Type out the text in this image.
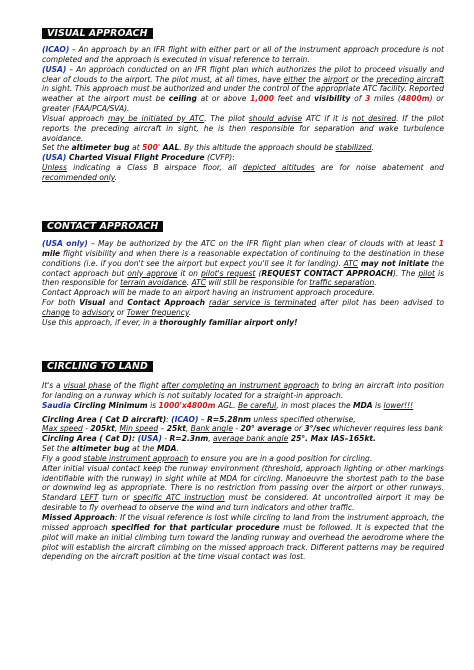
VISUAL APPROACH

(ICAO) – An approach by an IFR flight with either part or all of the instrument approach procedure is not completed and the approach is executed in visual reference to terrain.

(USA) – An approach conducted on an IFR flight plan which authorizes the pilot to proceed visually and clear of clouds to the airport. The pilot must, at all times, have either the airport or the preceding aircraft in sight. This approach must be authorized and under the control of the appropriate ATC facility. Reported weather at the airport must be ceiling at or above 1,000 feet and visibility of 3 miles (4800m) or greater (FAA/PCA/SVA).

Visual approach may be initiated by ATC. The pilot should advise ATC if it is not desired. If the pilot reports the preceding aircraft in sight, he is then responsible for separation and wake turbulence avoidance.

Set the altimeter bug at 500' AAL. By this altitude the approach should be stabilized.

(USA) Charted Visual Flight Procedure (CVFP):

Unless indicating a Class B airspace floor, all depicted altitudes are for noise abatement and recommended only.

CONTACT APPROACH

(USA only) – May be authorized by the ATC on the IFR flight plan when clear of clouds with at least 1 mile flight visibility and when there is a reasonable expectation of continuing to the destination in these conditions (i.e. if you don't see the airport but expect you'll see it for landing). ATC may not initiate the contact approach but only approve it on pilot's request (REQUEST CONTACT APPROACH). The pilot is then responsible for terrain avoidance. ATC will still be responsible for traffic separation.

Contact Approach will be made to an airport having an instrument approach procedure.

For both Visual and Contact Approach radar service is terminated after pilot has been advised to change to advisory or Tower frequency.

Use this approach, if ever, in a thoroughly familiar airport only!

CIRCLING TO LAND

It's a visual phase of the flight after completing an instrument approach to bring an aircraft into position for landing on a runway which is not suitably located for a straight-in approach.

Saudia Circling Minimum is 1000'x4800m AGL. Be careful, in most places the MDA is lower!!!

Circling Area ( Cat D aircraft): (ICAO) – R=5.28nm unless specified otherwise,
Max speed - 205kt, Min speed – 25kt, Bank angle - 20° average or 3°/sec whichever requires less bank

Circling Area ( Cat D): (USA) - R=2.3nm, average bank angle 25°. Max IAS–165kt.

Set the altimeter bug at the MDA.

Fly a good stable instrument approach to ensure you are in a good position for circling.

After initial visual contact keep the runway environment (threshold, approach lighting or other markings identifiable with the runway) in sight while at MDA for circling. Manoeuvre the shortest path to the base or downwind leg as appropriate. There is no restriction from passing over the airport or other runways. Standard LEFT turn or specific ATC instruction must be considered. At uncontrolled airport it may be desirable to fly overhead to observe the wind and turn indicators and other traffic.

Missed Approach: If the visual reference is lost while circling to land from the instrument approach, the missed approach specified for that particular procedure must be followed. It is expected that the pilot will make an initial climbing turn toward the landing runway and overhead the aerodrome where the pilot will establish the aircraft climbing on the missed approach track. Different patterns may be required depending on the aircraft position at the time visual contact was lost.
